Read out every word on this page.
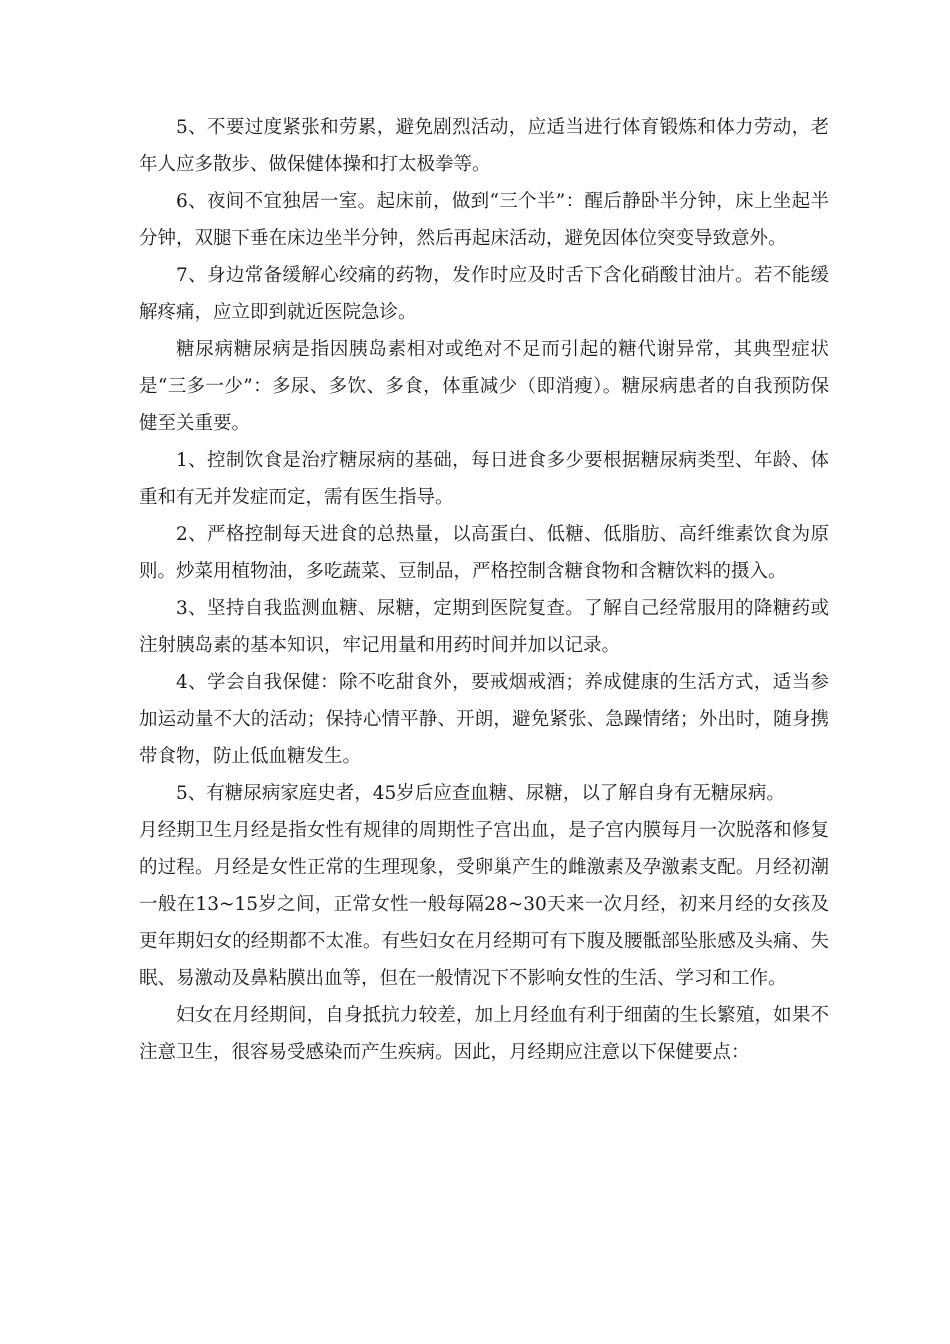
5、不要过度紧张和劳累，避免剧烈活动，应适当进行体育锻炼和体力劳动，老年人应多散步、做保健体操和打太极拳等。

6、夜间不宜独居一室。起床前，做到“三个半”：醒后静卧半分钟，床上坐起半分钟，双腿下垂在床边坐半分钟，然后再起床活动，避免因体位突变导致意外。

7、身边常备缓解心绞痛的药物，发作时应及时舌下含化硝酸甘油片。若不能缓解疼痛，应立即到就近医院急诊。

糖尿病糖尿病是指因胰岛素相对或绝对不足而引起的糖代谢异常，其典型症状是“三多一少”：多尿、多饮、多食，体重减少（即消瘦）。糖尿病患者的自我预防保健至关重要。

1、控制饮食是治疗糖尿病的基础，每日进食多少要根据糖尿病类型、年龄、体重和有无并发症而定，需有医生指导。

2、严格控制每天进食的总热量，以高蛋白、低糖、低脂肪、高纤维素饮食为原则。炒菜用植物油，多吃蔬菜、豆制品，严格控制含糖食物和含糖饮料的摄入。

3、坚持自我监测血糖、尿糖，定期到医院复查。了解自己经常服用的降糖药或注射胰岛素的基本知识，牢记用量和用药时间并加以记录。

4、学会自我保健：除不吃甜食外，要戒烟戒酒；养成健康的生活方式，适当参加运动量不大的活动；保持心情平静、开朗，避免紧张、急躁情绪；外出时，随身携带食物，防止低血糖发生。

5、有糖尿病家庭史者，45岁后应查血糖、尿糖，以了解自身有无糖尿病。

月经期卫生月经是指女性有规律的周期性子宫出血，是子宫内膜每月一次脱落和修复的过程。月经是女性正常的生理现象，受卵巢产生的雌激素及孕激素支配。月经初潮一般在13~15岁之间，正常女性一般每隔28~30天来一次月经，初来月经的女孩及更年期妇女的经期都不太准。有些妇女在月经期可有下腹及腰骶部坠胀感及头痛、失眠、易激动及鼻粘膜出血等，但在一般情况下不影响女性的生活、学习和工作。

妇女在月经期间，自身抵抗力较差，加上月经血有利于细菌的生长繁殖，如果不注意卫生，很容易受感染而产生疾病。因此，月经期应注意以下保健要点：
